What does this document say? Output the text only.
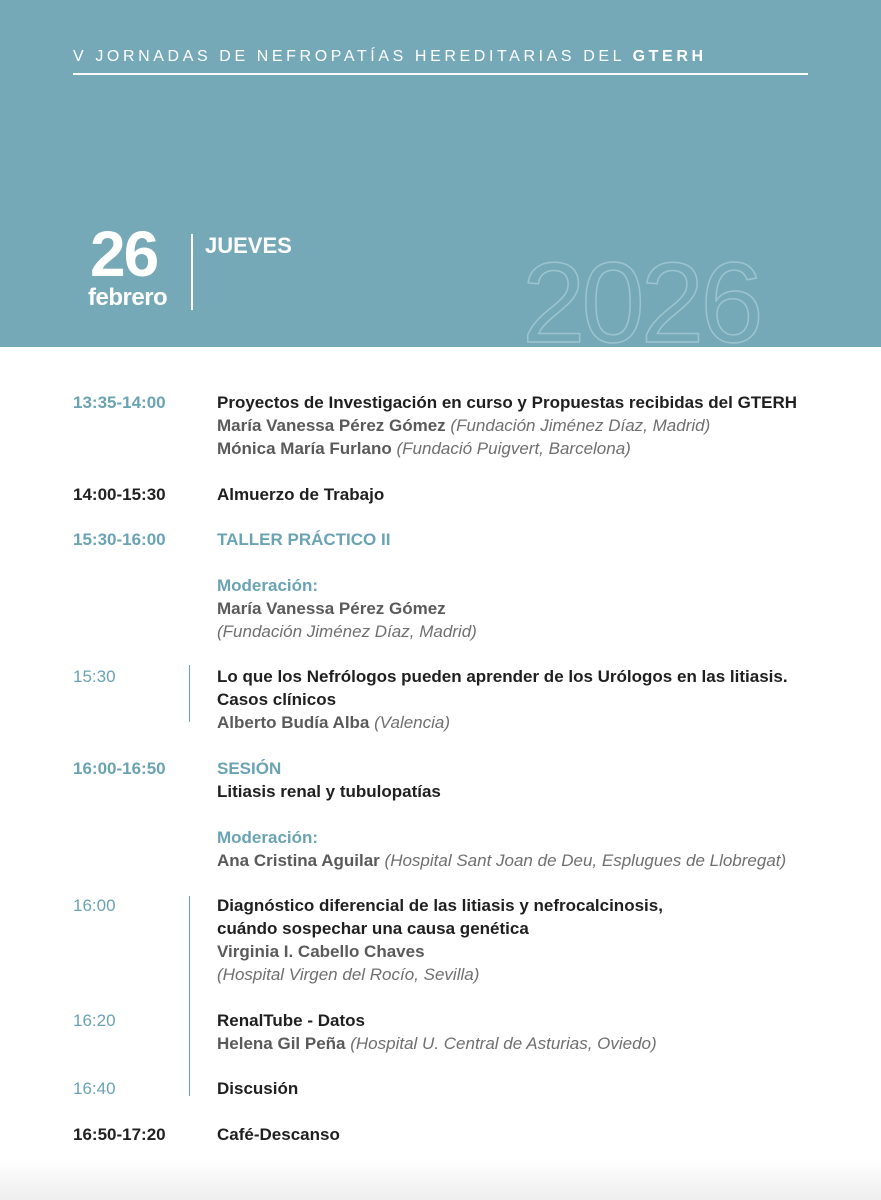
V JORNADAS DE NEFROPATÍAS HEREDITARIAS DEL GTERH
26
febrero
JUEVES 2026
13:35-14:00	Proyectos de Investigación en curso y Propuestas recibidas del GTERH
María Vanessa Pérez Gómez (Fundación Jiménez Díaz, Madrid)
Mónica María Furlano (Fundació Puigvert, Barcelona)
14:00-15:30	Almuerzo de Trabajo
15:30-16:00	TALLER PRÁCTICO II
Moderación:
María Vanessa Pérez Gómez
(Fundación Jiménez Díaz, Madrid)
15:30	Lo que los Nefrólogos pueden aprender de los Urólogos en las litiasis.
Casos clínicos
Alberto Budía Alba (Valencia)
16:00-16:50	SESIÓN
Litiasis renal y tubulopatías
Moderación:
Ana Cristina Aguilar (Hospital Sant Joan de Deu, Esplugues de Llobregat)
16:00	Diagnóstico diferencial de las litiasis y nefrocalcinosis,
cuándo sospechar una causa genética
Virginia I. Cabello Chaves
(Hospital Virgen del Rocío, Sevilla)
16:20	RenalTube - Datos
Helena Gil Peña (Hospital U. Central de Asturias, Oviedo)
16:40	Discusión
16:50-17:20	Café-Descanso
